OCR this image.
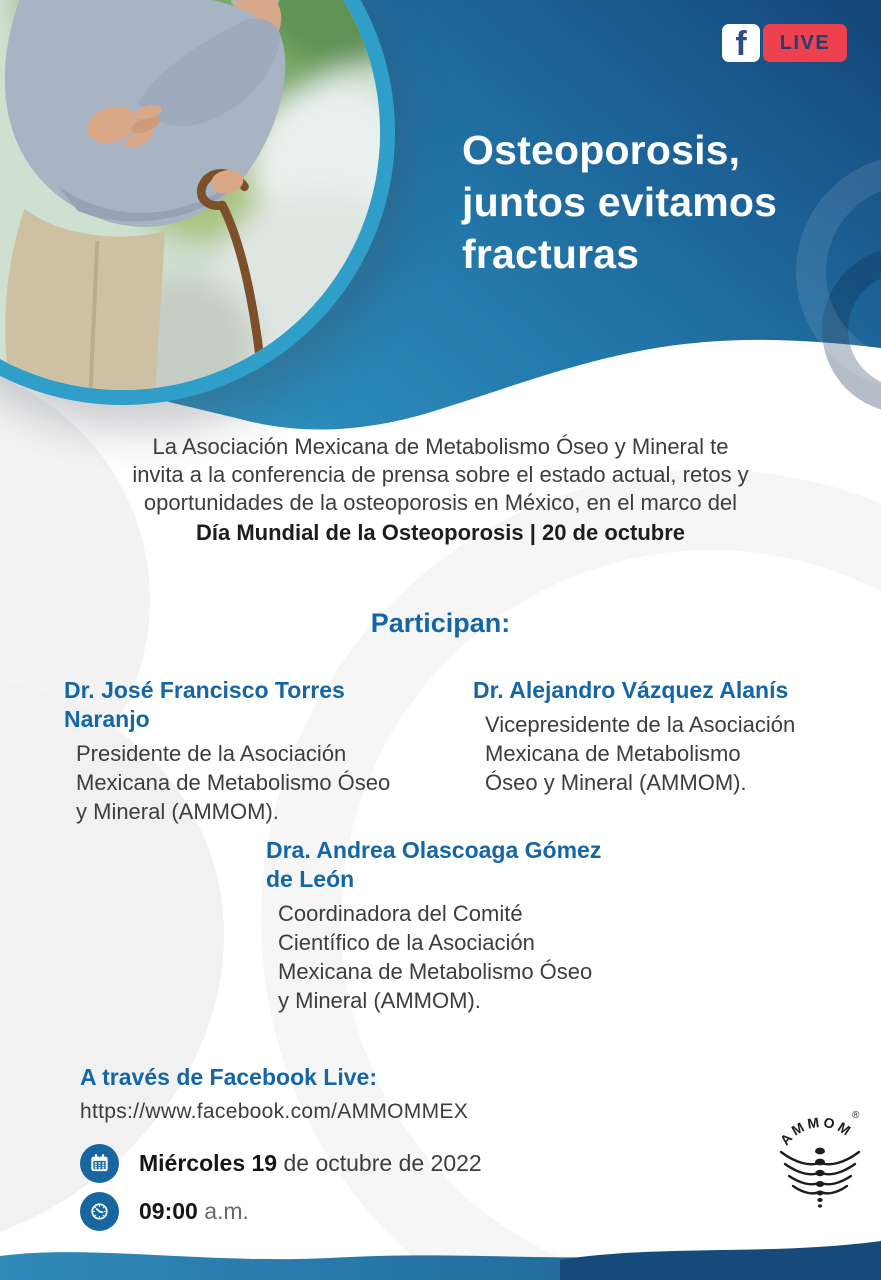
f	LIVE
Osteoporosis,
juntos evitamos
fracturas
La Asociación Mexicana de Metabolismo Óseo y Mineral te
invita a la conferencia de prensa sobre el estado actual, retos y
oportunidades de la osteoporosis en México, en el marco del
Día Mundial de la Osteoporosis | 20 de octubre
Participan:
Dr. José Francisco Torres Naranjo
Presidente de la Asociación
Mexicana de Metabolismo Óseo
y Mineral (AMMOM).
Dr. Alejandro Vázquez Alanís
Vicepresidente de la Asociación
Mexicana de Metabolismo
Óseo y Mineral (AMMOM).
Dra. Andrea Olascoaga Gómez de León
Coordinadora del Comité
Científico de la Asociación
Mexicana de Metabolismo Óseo
y Mineral (AMMOM).
A través de Facebook Live:
https://www.facebook.com/AMMOMMEX
Miércoles 19 de octubre de 2022
09:00 a.m.
AMMOM
®
